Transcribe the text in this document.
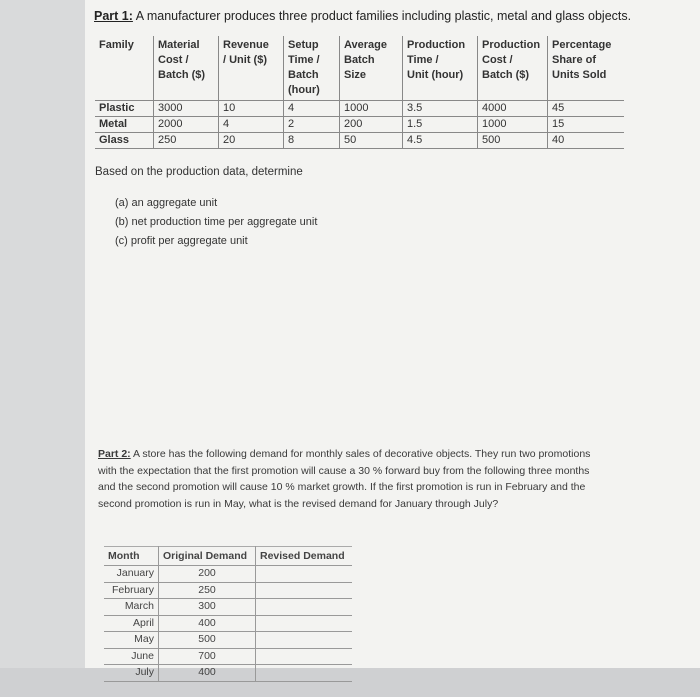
Part 1: A manufacturer produces three product families including plastic, metal and glass objects.
Family	Material
Cost /
Batch ($)	Revenue
/ Unit ($)	Setup
Time /
Batch
(hour)	Average
Batch
Size	Production
Time /
Unit (hour)	Production
Cost /
Batch ($)	Percentage
Share of
Units Sold
Plastic	3000	10	4	1000	3.5	4000	45
Metal	2000	4	2	200	1.5	1000	15
Glass	250	20	8	50	4.5	500	40
Based on the production data, determine
(a) an aggregate unit
(b) net production time per aggregate unit
(c) profit per aggregate unit
Part 2: A store has the following demand for monthly sales of decorative objects. They run two promotions with the expectation that the first promotion will cause a 30 % forward buy from the following three months and the second promotion will cause 10 % market growth. If the first promotion is run in February and the second promotion is run in May, what is the revised demand for January through July?
Month	Original Demand	Revised Demand
January	200	
February	250	
March	300	
April	400	
May	500	
June	700	
July	400	
